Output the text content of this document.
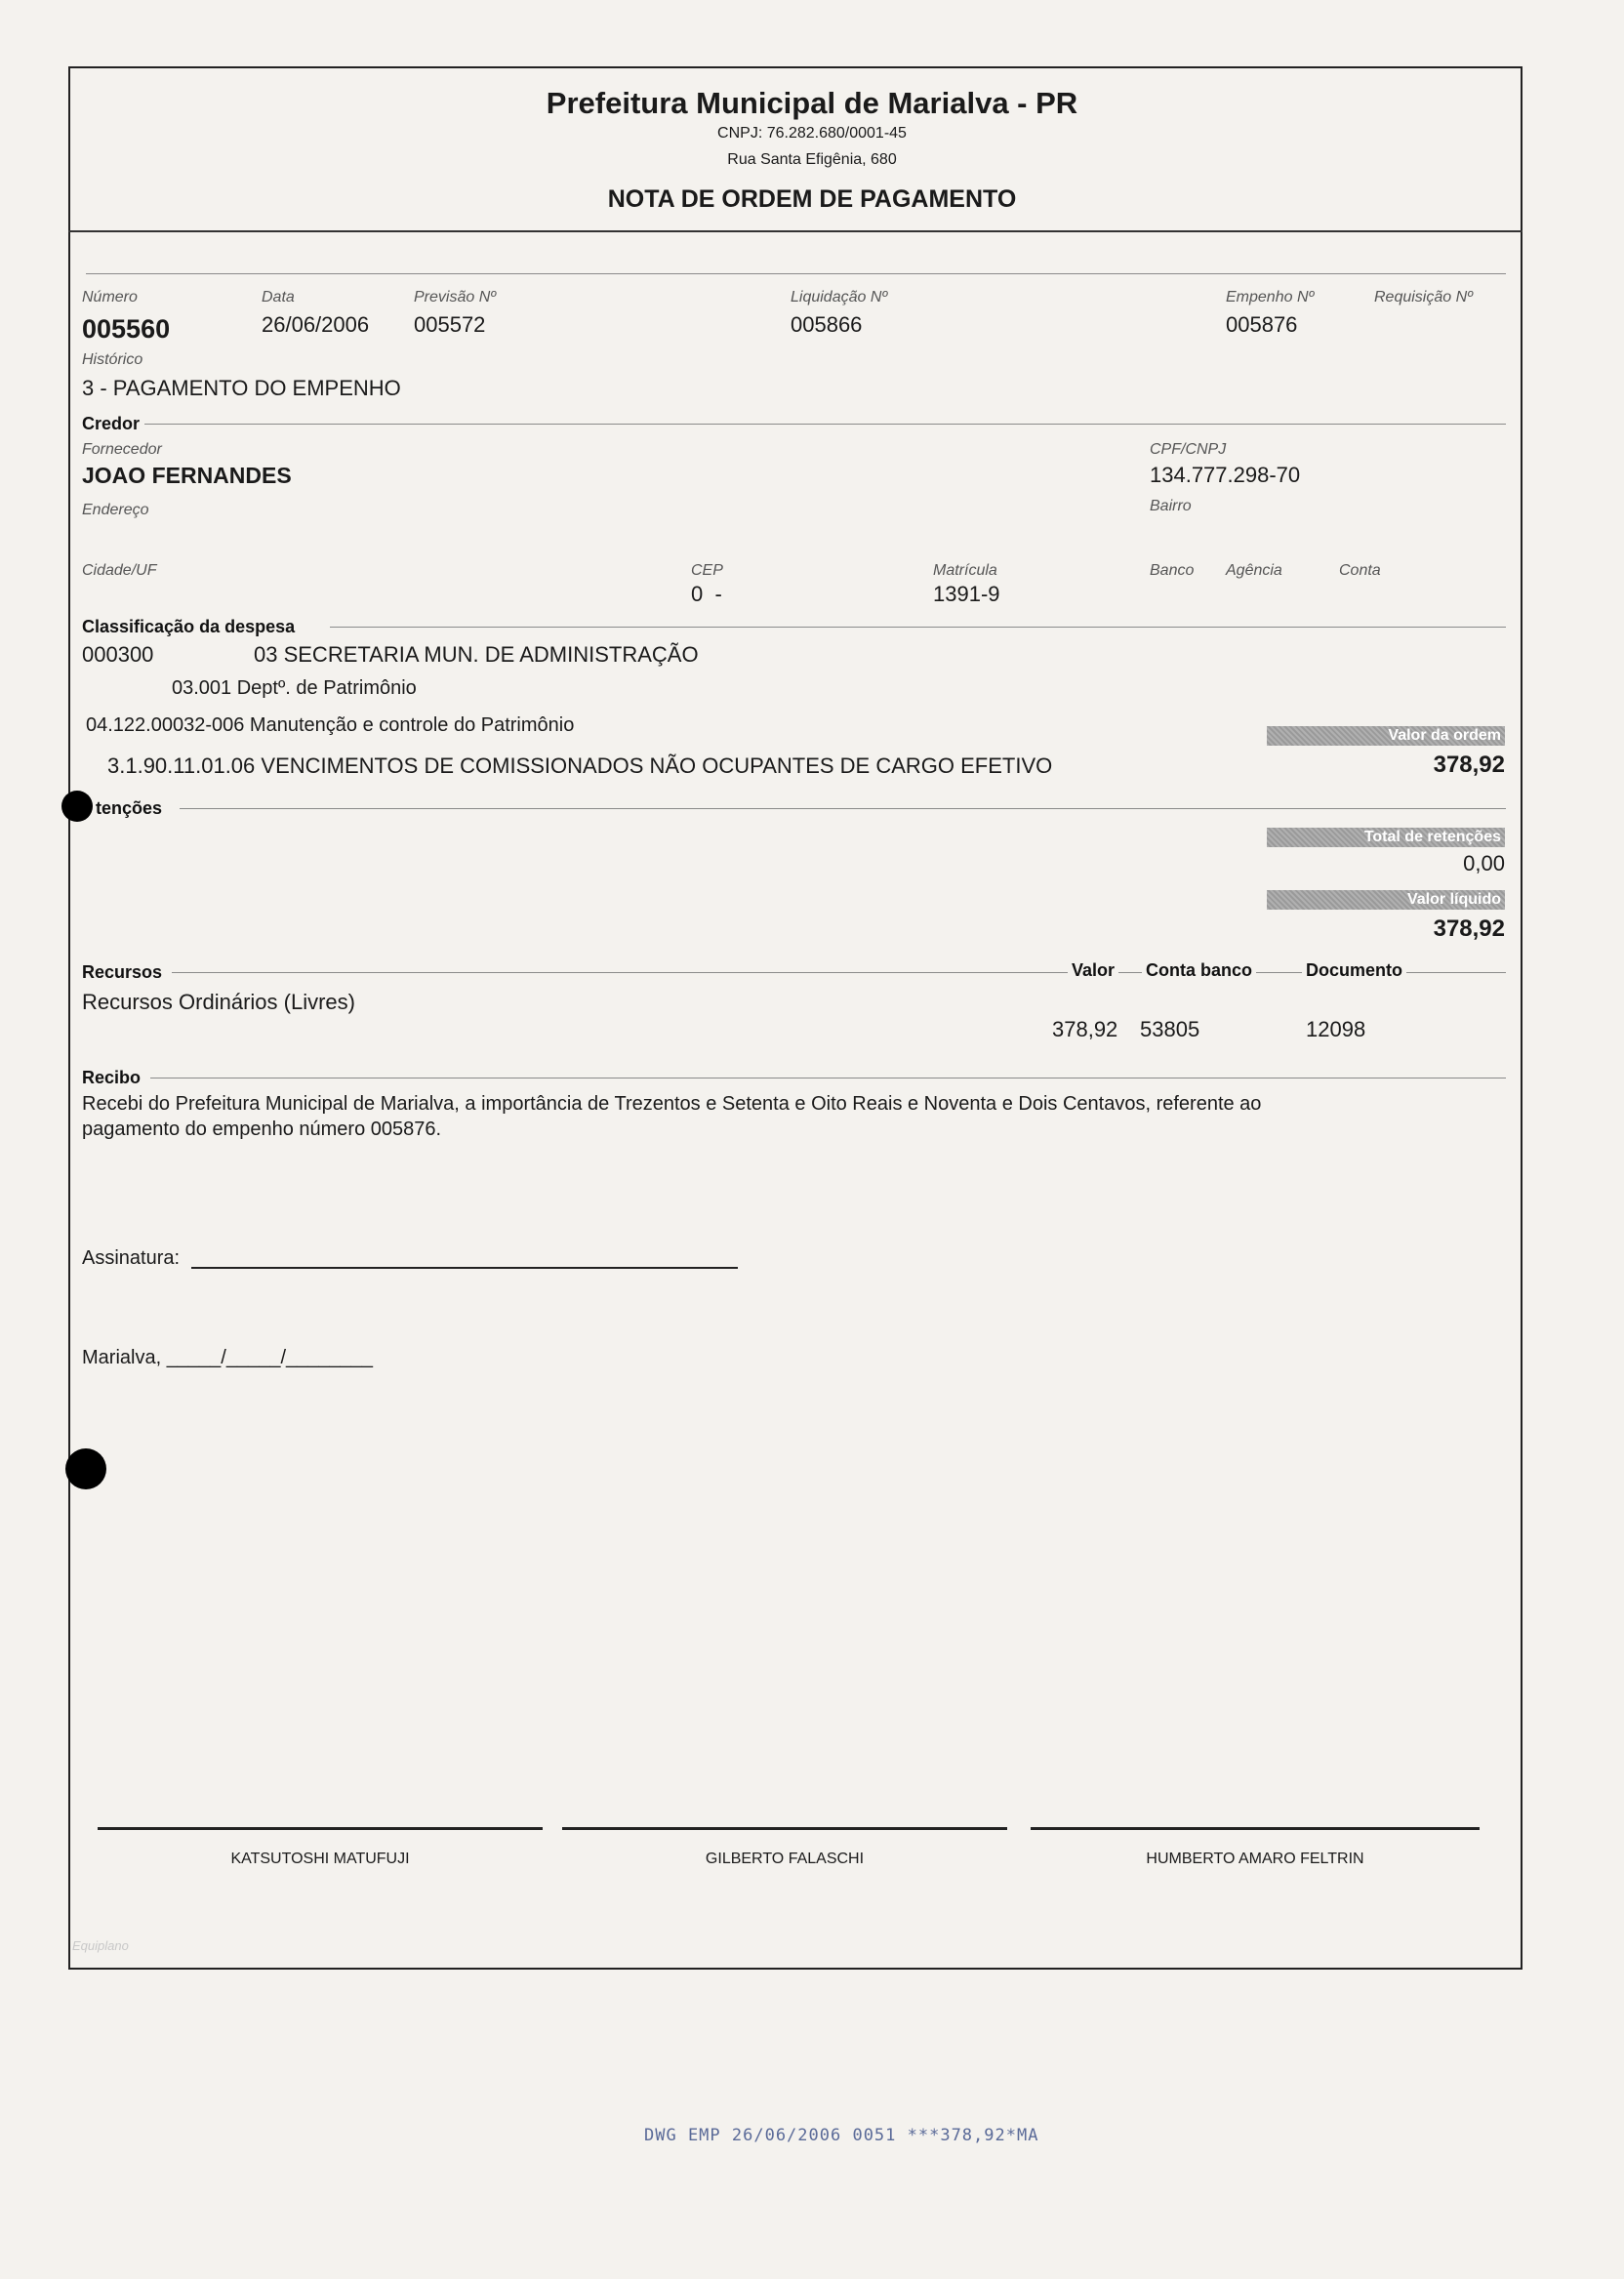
Prefeitura Municipal de Marialva - PR
CNPJ: 76.282.680/0001-45
Rua Santa Efigênia, 680
NOTA DE ORDEM DE PAGAMENTO
Número
005560
Data
26/06/2006
Previsão Nº
005572
Liquidação Nº
005866
Empenho Nº
005876
Requisição Nº
Histórico
3 - PAGAMENTO DO EMPENHO
Credor
Fornecedor
JOAO FERNANDES
CPF/CNPJ
134.777.298-70
Endereço	Bairro
Cidade/UF	CEP
0  -
Matrícula
1391-9
Banco Agência	Conta
Classificação da despesa
000300	03 SECRETARIA MUN. DE ADMINISTRAÇÃO
03.001 Deptº. de Patrimônio
04.122.00032-006 Manutenção e controle do Patrimônio
3.1.90.11.01.06 VENCIMENTOS DE COMISSIONADOS NÃO OCUPANTES DE CARGO EFETIVO
Valor da ordem
378,92
tenções
Total de retenções
0,00
Valor líquido
378,92
Recursos	Valor Conta banco	Documento
Recursos Ordinários (Livres)
378,92 53805	12098
Recibo
Recebi do Prefeitura Municipal de Marialva, a importância de Trezentos e Setenta e Oito Reais e Noventa e Dois Centavos, referente ao
pagamento do empenho número 005876.
Assinatura:
Marialva, _____/_____/________
KATSUTOSHI MATUFUJI	GILBERTO FALASCHI	HUMBERTO AMARO FELTRIN
Equiplano
DWG EMP 26/06/2006 0051 ***378,92*MA
